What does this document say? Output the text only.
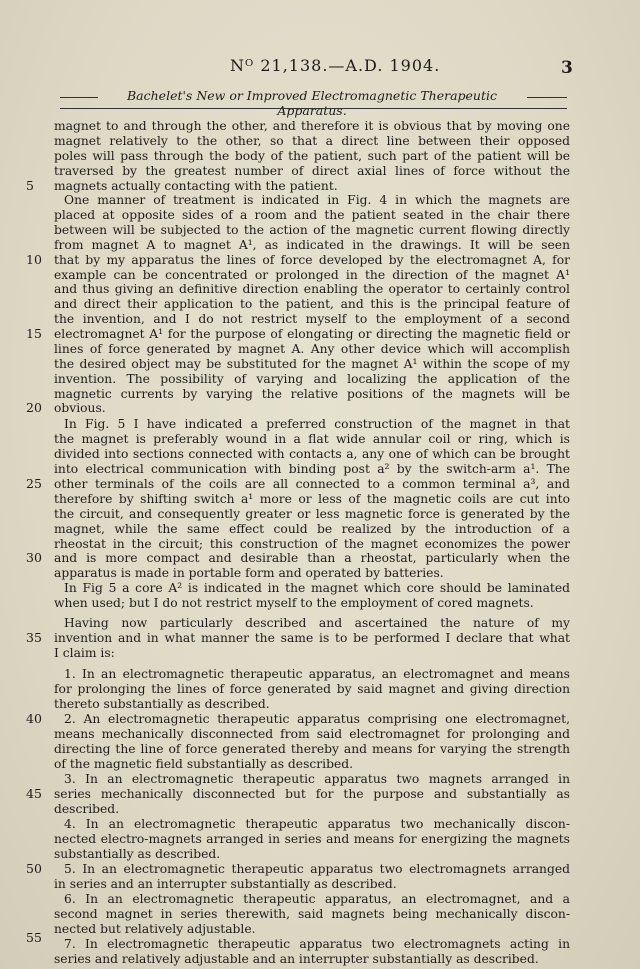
Nᴼ 21,138.—A.D. 1904.	3
Bachelet's New or Improved Electromagnetic Therapeutic Apparatus.
magnet to and through the other, and therefore it is obvious that by moving one
magnet relatively to the other, so that a direct line between their opposed
poles will pass through the body of the patient, such part of the patient will be
traversed by the greatest number of direct axial lines of force without the
magnets actually contacting with the patient.
One manner of treatment is indicated in Fig. 4 in which the magnets are
placed at opposite sides of a room and the patient seated in the chair there
between will be subjected to the action of the magnetic current flowing directly
from magnet A to magnet A¹, as indicated in the drawings. It will be seen
that by my apparatus the lines of force developed by the electromagnet A, for
example can be concentrated or prolonged in the direction of the magnet A¹
and thus giving an definitive direction enabling the operator to certainly control
and direct their application to the patient, and this is the principal feature of
the invention, and I do not restrict myself to the employment of a second
electromagnet A¹ for the purpose of elongating or directing the magnetic field or
lines of force generated by magnet A. Any other device which will accomplish
the desired object may be substituted for the magnet A¹ within the scope of my
invention. The possibility of varying and localizing the application of the
magnetic currents by varying the relative positions of the magnets will be
obvious.
In Fig. 5 I have indicated a preferred construction of the magnet in that
the magnet is preferably wound in a flat wide annular coil or ring, which is
divided into sections connected with contacts a, any one of which can be brought
into electrical communication with binding post a² by the switch-arm a¹. The
other terminals of the coils are all connected to a common terminal a³, and
therefore by shifting switch a¹ more or less of the magnetic coils are cut into
the circuit, and consequently greater or less magnetic force is generated by the
magnet, while the same effect could be realized by the introduction of a
rheostat in the circuit; this construction of the magnet economizes the power
and is more compact and desirable than a rheostat, particularly when the
apparatus is made in portable form and operated by batteries.
In Fig 5 a core A² is indicated in the magnet which core should be laminated
when used; but I do not restrict myself to the employment of cored magnets.
Having now particularly described and ascertained the nature of my
invention and in what manner the same is to be performed I declare that what
I claim is:
1. In an electromagnetic therapeutic apparatus, an electromagnet and means
for prolonging the lines of force generated by said magnet and giving direction
thereto substantially as described.
2. An electromagnetic therapeutic apparatus comprising one electromagnet,
means mechanically disconnected from said electromagnet for prolonging and
directing the line of force generated thereby and means for varying the strength
of the magnetic field substantially as described.
3. In an electromagnetic therapeutic apparatus two magnets arranged in
series mechanically disconnected but for the purpose and substantially as
described.
4. In an electromagnetic therapeutic apparatus two mechanically discon-
nected electro-magnets arranged in series and means for energizing the magnets
substantially as described.
5. In an electromagnetic therapeutic apparatus two electromagnets arranged
in series and an interrupter substantially as described.
6. In an electromagnetic therapeutic apparatus, an electromagnet, and a
second magnet in series therewith, said magnets being mechanically discon-
nected but relatively adjustable.
7. In electromagnetic therapeutic apparatus two electromagnets acting in
series and relatively adjustable and an interrupter substantially as described.
5
10
15
20
25
30
35
40
45
50
55
